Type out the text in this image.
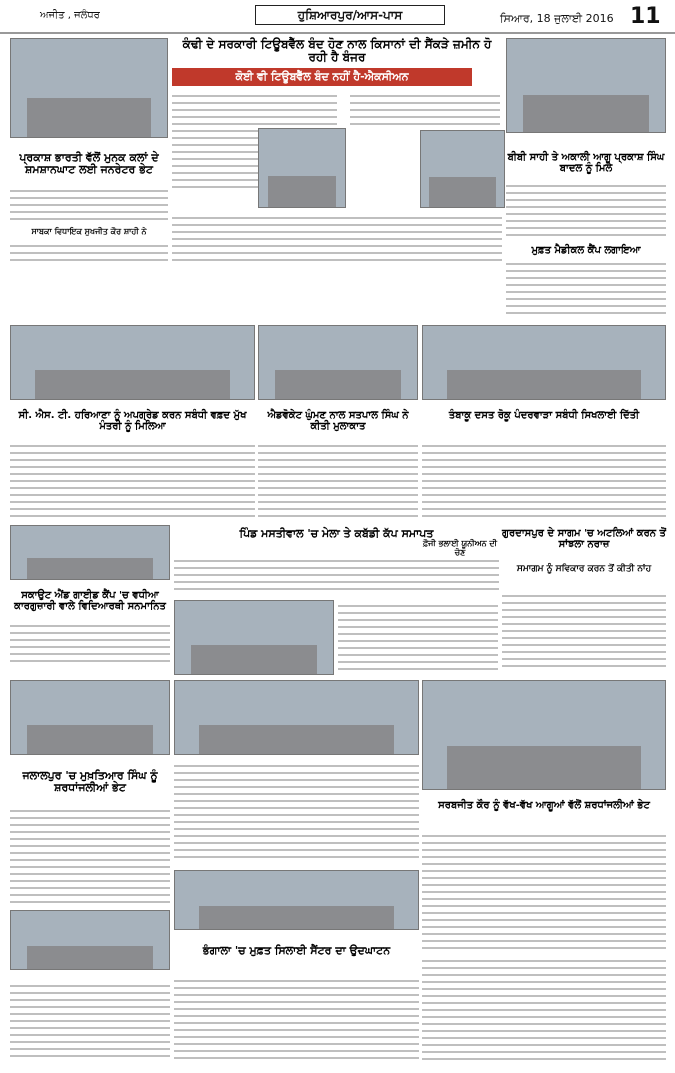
ਅਜੀਤ , ਜਲੰਧਰ	ਹੁਸ਼ਿਆਰਪੁਰ/ਆਸ-ਪਾਸ	ਸਿਆਰ, 18 ਜੁਲਾਈ 2016 11
ਪ੍ਰਕਾਸ਼ ਭਾਰਤੀ ਵੱਲੋਂ ਮੁਨਕ ਕਲਾਂ ਦੇ ਸ਼ਮਸ਼ਾਨਘਾਟ ਲਈ ਜਨਰੇਟਰ ਭੇਟ
ਸਾਬਕਾ ਵਿਧਾਇਕ ਸੁਖਜੀਤ ਕੌਰ ਸ਼ਾਹੀ ਨੇ
ਕੰਢੀ ਦੇ ਸਰਕਾਰੀ ਟਿਊਬਵੈੱਲ ਬੰਦ ਹੋਣ ਨਾਲ ਕਿਸਾਨਾਂ ਦੀ ਸੈਂਕੜੇ ਜ਼ਮੀਨ ਹੋ ਰਹੀ ਹੈ ਬੰਜਰ
ਕੋਈ ਵੀ ਟਿਊਬਵੈੱਲ ਬੰਦ ਨਹੀਂ ਹੈ-ਐਕਸੀਅਨ
ਬੀਬੀ ਸਾਹੀ ਤੇ ਅਕਾਲੀ ਆਗੂ ਪ੍ਰਕਾਸ਼ ਸਿੰਘ ਬਾਦਲ ਨੂੰ ਮਿਲੇ
ਮੁਫ਼ਤ ਮੈਡੀਕਲ ਕੈਂਪ ਲਗਾਇਆ
ਸੀ. ਐਸ. ਟੀ. ਹਰਿਆਣਾ ਨੂੰ ਅਪਗ੍ਰੇਡ ਕਰਨ ਸਬੰਧੀ ਵਫ਼ਦ ਮੁੱਖ ਮੰਤਰੀ ਨੂੰ ਮਿਲਿਆ
ਐਡਵੋਕੇਟ ਘੁੰਮਣ ਨਾਲ ਸਤਪਾਲ ਸਿੰਘ ਨੇ ਕੀਤੀ ਮੁਲਾਕਾਤ
ਤੰਬਾਕੂ ਦਸਤ ਰੋਕੂ ਪੰਦਰਵਾੜਾ ਸਬੰਧੀ ਸਿਖਲਾਈ ਦਿੱਤੀ
ਸਕਾਉਟ ਐਂਡ ਗਾਈਡ ਕੈਂਪ 'ਚ ਵਧੀਆ ਕਾਰਗੁਜ਼ਾਰੀ ਵਾਲੇ ਵਿਦਿਆਰਥੀ ਸਨਮਾਨਿਤ
ਪਿੰਡ ਮਸਤੀਵਾਲ 'ਚ ਮੇਲਾ ਤੇ ਕਬੱਡੀ ਕੱਪ ਸਮਾਪਤ	ਗੁਰਦਾਸਪੁਰ ਦੇ ਸਾਗਮ 'ਚ ਅਟਲਿਆਂ ਕਰਨ ਤੋਂ ਸਾਂਝਲਾ ਨਰਾਜ਼
ਸਮਾਗਮ ਨੂੰ ਸਵਿਕਾਰ ਕਰਨ ਤੋਂ ਕੀਤੀ ਨਾਂਹ
ਫ਼ੌਜੀ ਭਲਾਈ ਯੂਨੀਅਨ ਦੀ ਚੋਣ
ਜਲਾਲਪੁਰ 'ਚ ਮੁਖ਼ਤਿਆਰ ਸਿੰਘ ਨੂੰ ਸ਼ਰਧਾਂਜਲੀਆਂ ਭੇਟ
ਸਰਬਜੀਤ ਕੌਰ ਨੂੰ ਵੱਖ-ਵੱਖ ਆਗੂਆਂ ਵੱਲੋਂ ਸ਼ਰਧਾਂਜਲੀਆਂ ਭੇਟ
ਭੰਗਾਲਾ 'ਚ ਮੁਫ਼ਤ ਸਿਲਾਈ ਸੈਂਟਰ ਦਾ ਉਦਘਾਟਨ
